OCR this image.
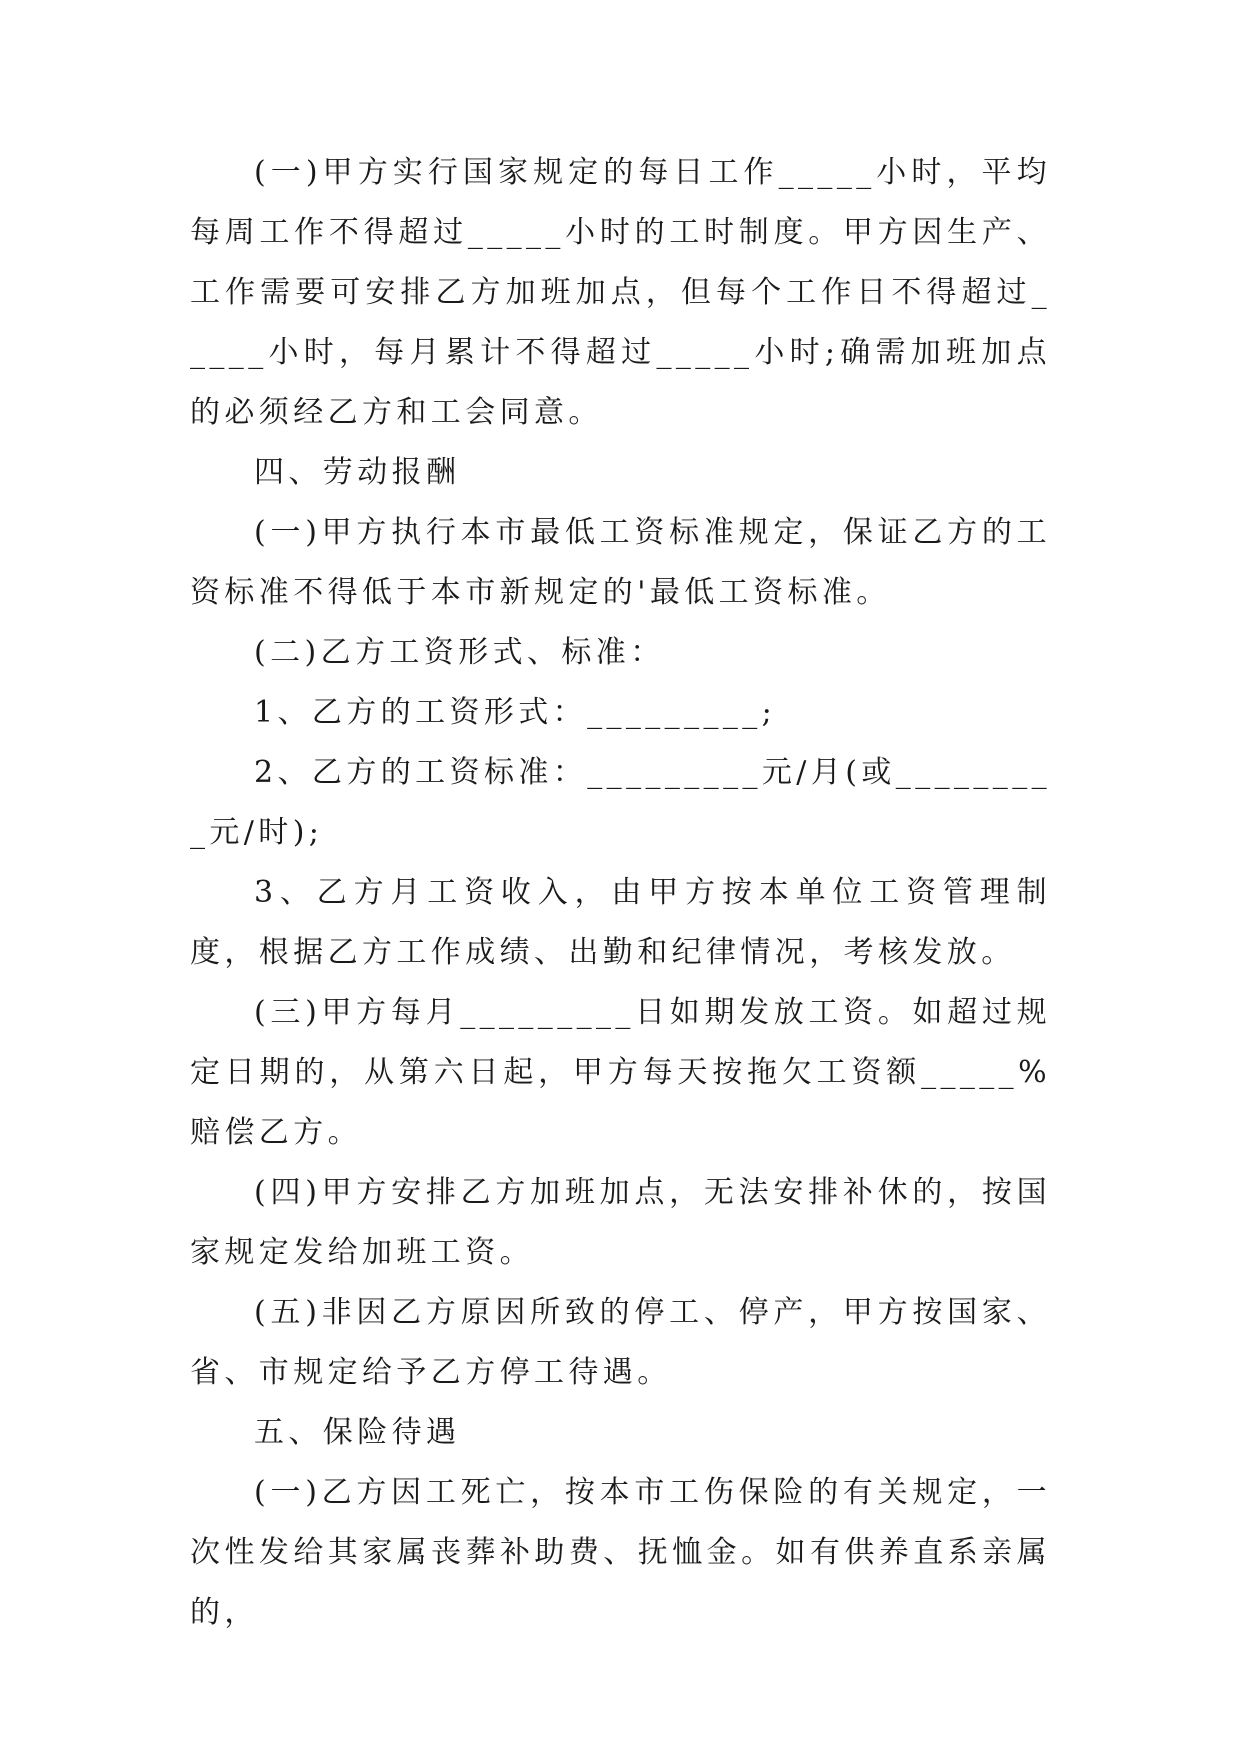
(一)甲方实行国家规定的每日工作_____小时，平均每周工作不得超过_____小时的工时制度。甲方因生产、工作需要可安排乙方加班加点，但每个工作日不得超过_____小时，每月累计不得超过_____小时;确需加班加点的必须经乙方和工会同意。
四、劳动报酬
(一)甲方执行本市最低工资标准规定，保证乙方的工资标准不得低于本市新规定的'最低工资标准。
(二)乙方工资形式、标准：
1、乙方的工资形式：_________;
2、乙方的工资标准：_________元/月(或_________元/时);
3、乙方月工资收入，由甲方按本单位工资管理制度，根据乙方工作成绩、出勤和纪律情况，考核发放。
(三)甲方每月_________日如期发放工资。如超过规定日期的，从第六日起，甲方每天按拖欠工资额_____%赔偿乙方。
(四)甲方安排乙方加班加点，无法安排补休的，按国家规定发给加班工资。
(五)非因乙方原因所致的停工、停产，甲方按国家、省、市规定给予乙方停工待遇。
五、保险待遇
(一)乙方因工死亡，按本市工伤保险的有关规定，一次性发给其家属丧葬补助费、抚恤金。如有供养直系亲属的，
